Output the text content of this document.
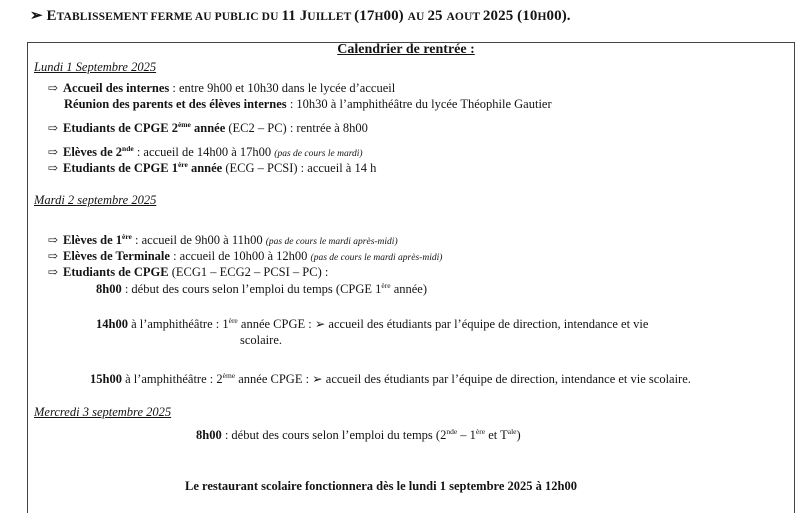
➢ ETABLISSEMENT FERME AU PUBLIC DU 11 JUILLET (17H00) AU 25 AOUT 2025 (10H00).
Calendrier de rentrée :
Lundi 1 Septembre 2025
⇨ Accueil des internes : entre 9h00 et 10h30 dans le lycée d’accueil
Réunion des parents et des élèves internes : 10h30 à l’amphithéâtre du lycée Théophile Gautier
⇨ Etudiants de CPGE 2ème année (EC2 – PC) : rentrée à 8h00
⇨ Elèves de 2nde : accueil de 14h00 à 17h00 (pas de cours le mardi)
⇨ Etudiants de CPGE 1ère année (ECG – PCSI) : accueil à 14 h
Mardi 2 septembre 2025
⇨ Elèves de 1ère : accueil de 9h00 à 11h00 (pas de cours le mardi après-midi)
⇨ Elèves de Terminale : accueil de 10h00 à 12h00 (pas de cours le mardi après-midi)
⇨ Etudiants de CPGE (ECG1 – ECG2 – PCSI – PC) :
8h00 : début des cours selon l’emploi du temps (CPGE 1ère année)
14h00 à l’amphithéâtre : 1ère année CPGE : ➢ accueil des étudiants par l’équipe de direction, intendance et vie
scolaire.
15h00 à l’amphithéâtre : 2ème année CPGE : ➢ accueil des étudiants par l’équipe de direction, intendance et vie scolaire.
Mercredi 3 septembre 2025
8h00 : début des cours selon l’emploi du temps (2nde – 1ère et $T^{ale}$)
Le restaurant scolaire fonctionnera dès le lundi 1 septembre 2025 à 12h00
